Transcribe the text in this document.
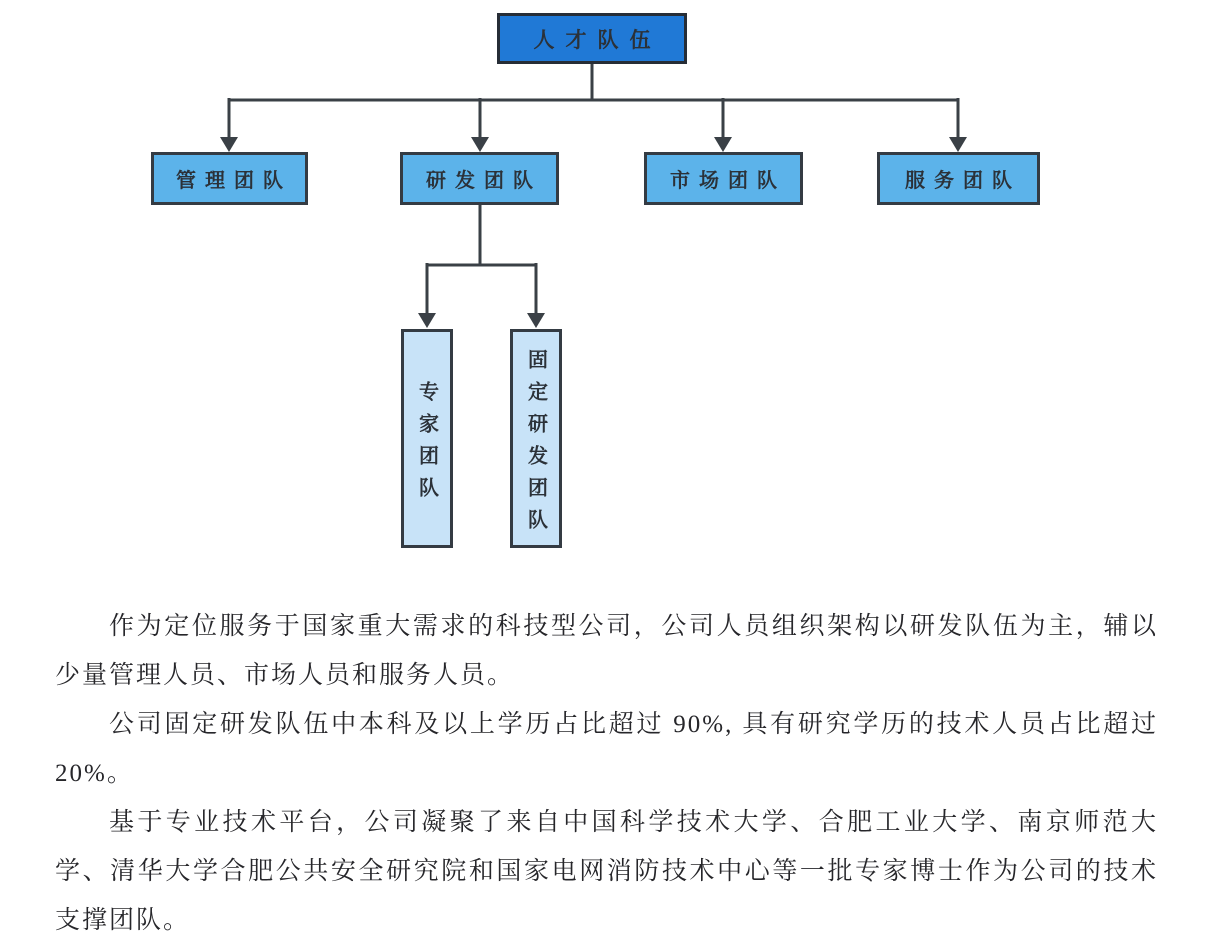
人才队伍
管理团队	研发团队	市场团队	服务团队
专家团队	固定研发团队

作为定位服务于国家重大需求的科技型公司，公司人员组织架构以研发队伍为主，辅以少量管理人员、市场人员和服务人员。

公司固定研发队伍中本科及以上学历占比超过 90%, 具有研究学历的技术人员占比超过20%。

基于专业技术平台，公司凝聚了来自中国科学技术大学、合肥工业大学、南京师范大学、清华大学合肥公共安全研究院和国家电网消防技术中心等一批专家博士作为公司的技术支撑团队。
